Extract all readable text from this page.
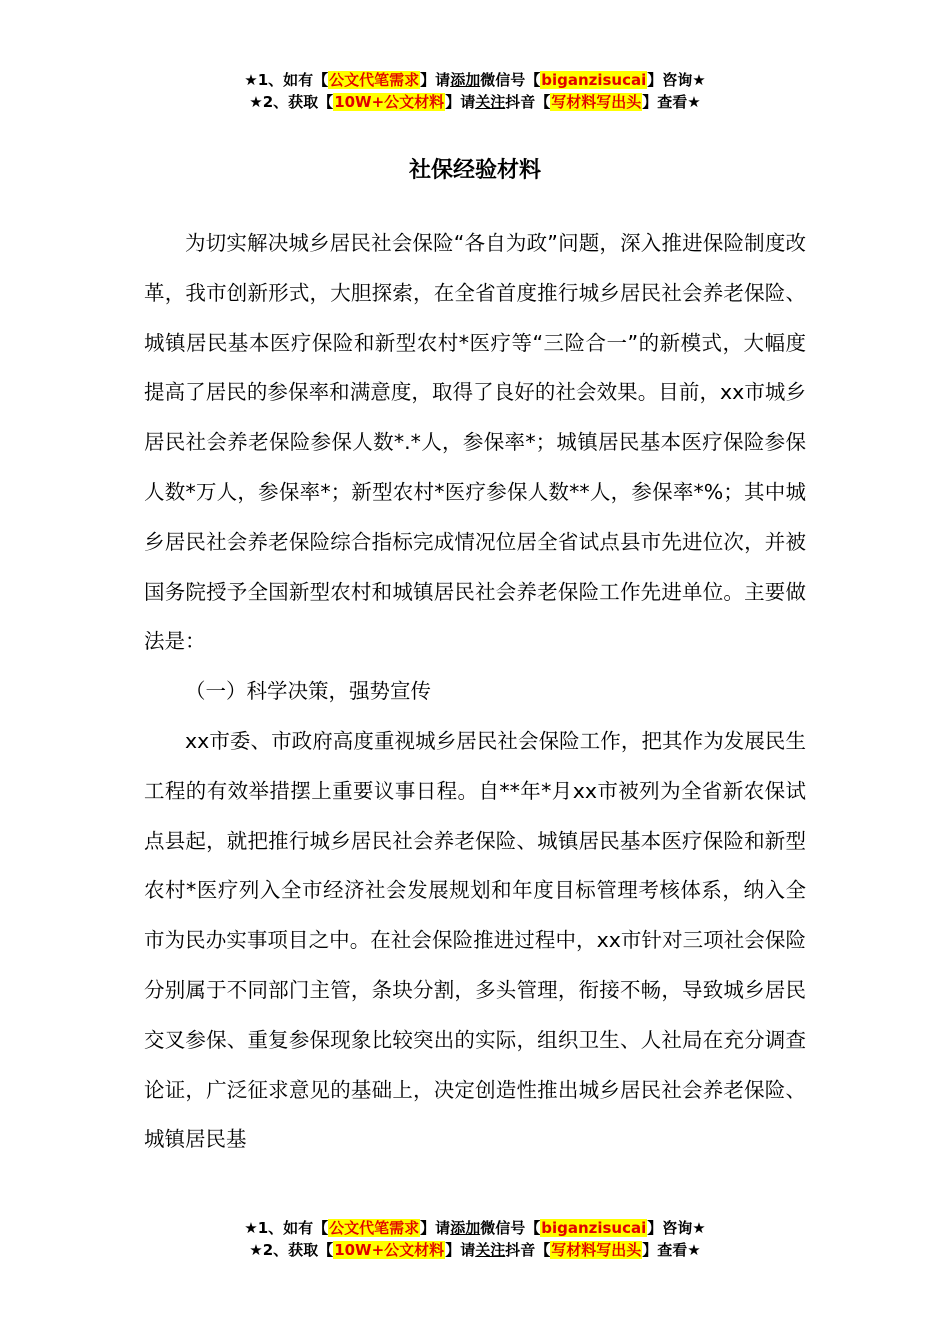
★1、如有【公文代笔需求】请添加微信号【biganzisucai】咨询★
★2、获取【10W+公文材料】请关注抖音【写材料写出头】查看★
社保经验材料

为切实解决城乡居民社会保险“各自为政”问题，深入推进保险制度改革，我市创新形式，大胆探索，在全省首度推行城乡居民社会养老保险、城镇居民基本医疗保险和新型农村*医疗等“三险合一”的新模式，大幅度提高了居民的参保率和满意度，取得了良好的社会效果。目前，xx市城乡居民社会养老保险参保人数*.*人，参保率*；城镇居民基本医疗保险参保人数*万人，参保率*；新型农村*医疗参保人数**人，参保率*%；其中城乡居民社会养老保险综合指标完成情况位居全省试点县市先进位次，并被国务院授予全国新型农村和城镇居民社会养老保险工作先进单位。主要做法是：

（一）科学决策，强势宣传

xx市委、市政府高度重视城乡居民社会保险工作，把其作为发展民生工程的有效举措摆上重要议事日程。自**年*月xx市被列为全省新农保试点县起，就把推行城乡居民社会养老保险、城镇居民基本医疗保险和新型农村*医疗列入全市经济社会发展规划和年度目标管理考核体系，纳入全市为民办实事项目之中。在社会保险推进过程中，xx市针对三项社会保险分别属于不同部门主管，条块分割，多头管理，衔接不畅，导致城乡居民交叉参保、重复参保现象比较突出的实际，组织卫生、人社局在充分调查论证，广泛征求意见的基础上，决定创造性推出城乡居民社会养老保险、城镇居民基

★1、如有【公文代笔需求】请添加微信号【biganzisucai】咨询★
★2、获取【10W+公文材料】请关注抖音【写材料写出头】查看★
